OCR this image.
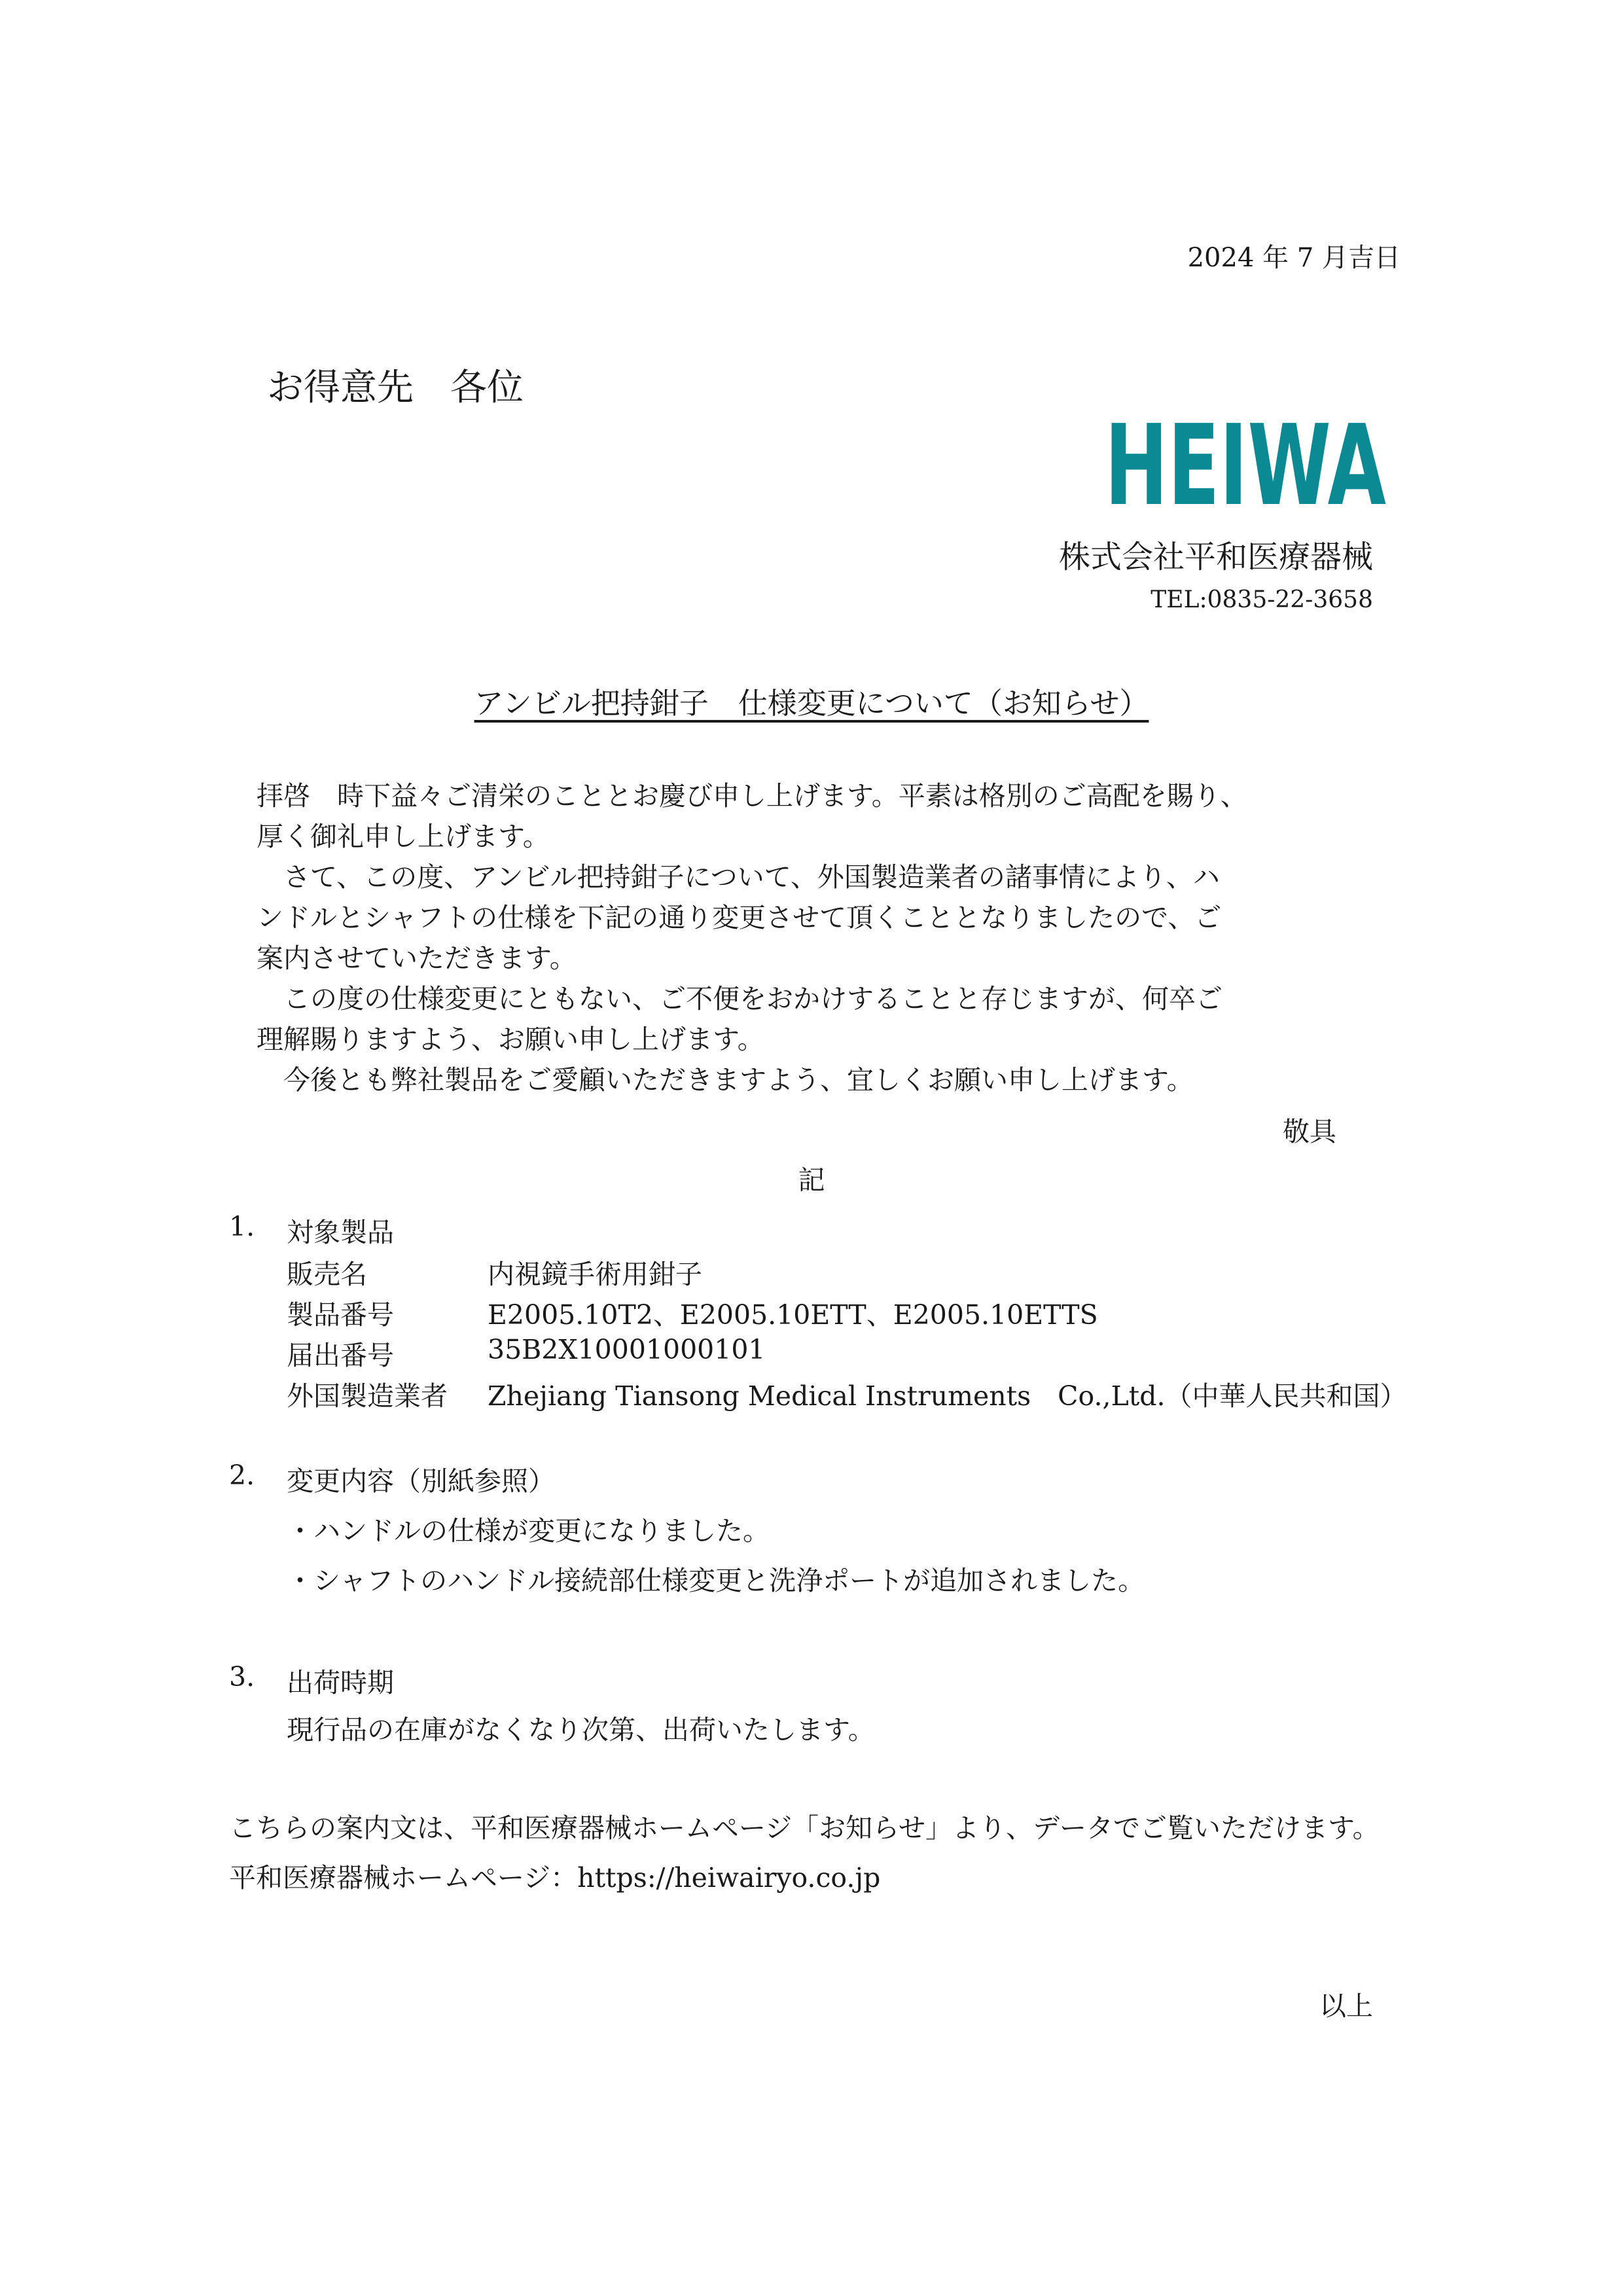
2024 年 7 月吉日
お得意先　各位
HEIWA
株式会社平和医療器械
TEL:0835-22-3658
アンビル把持鉗子　仕様変更について（お知らせ）
拝啓　時下益々ご清栄のこととお慶び申し上げます。平素は格別のご高配を賜り、
厚く御礼申し上げます。
　さて、この度、アンビル把持鉗子について、外国製造業者の諸事情により、ハ
ンドルとシャフトの仕様を下記の通り変更させて頂くこととなりましたので、ご
案内させていただきます。
　この度の仕様変更にともない、ご不便をおかけすることと存じますが、何卒ご
理解賜りますよう、お願い申し上げます。
　今後とも弊社製品をご愛顧いただきますよう、宜しくお願い申し上げます。
敬具
記
1. 対象製品
販売名	内視鏡手術用鉗子
製品番号	E2005.10T2、E2005.10ETT、E2005.10ETTS
届出番号	35B2X10001000101
外国製造業者 Zhejiang Tiansong Medical Instruments　Co.,Ltd.（中華人民共和国）
2. 変更内容（別紙参照）
・ハンドルの仕様が変更になりました。
・シャフトのハンドル接続部仕様変更と洗浄ポートが追加されました。
3. 出荷時期
現行品の在庫がなくなり次第、出荷いたします。
こちらの案内文は、平和医療器械ホームページ「お知らせ」より、データでご覧いただけます。
平和医療器械ホームページ：https://heiwairyo.co.jp
以上
